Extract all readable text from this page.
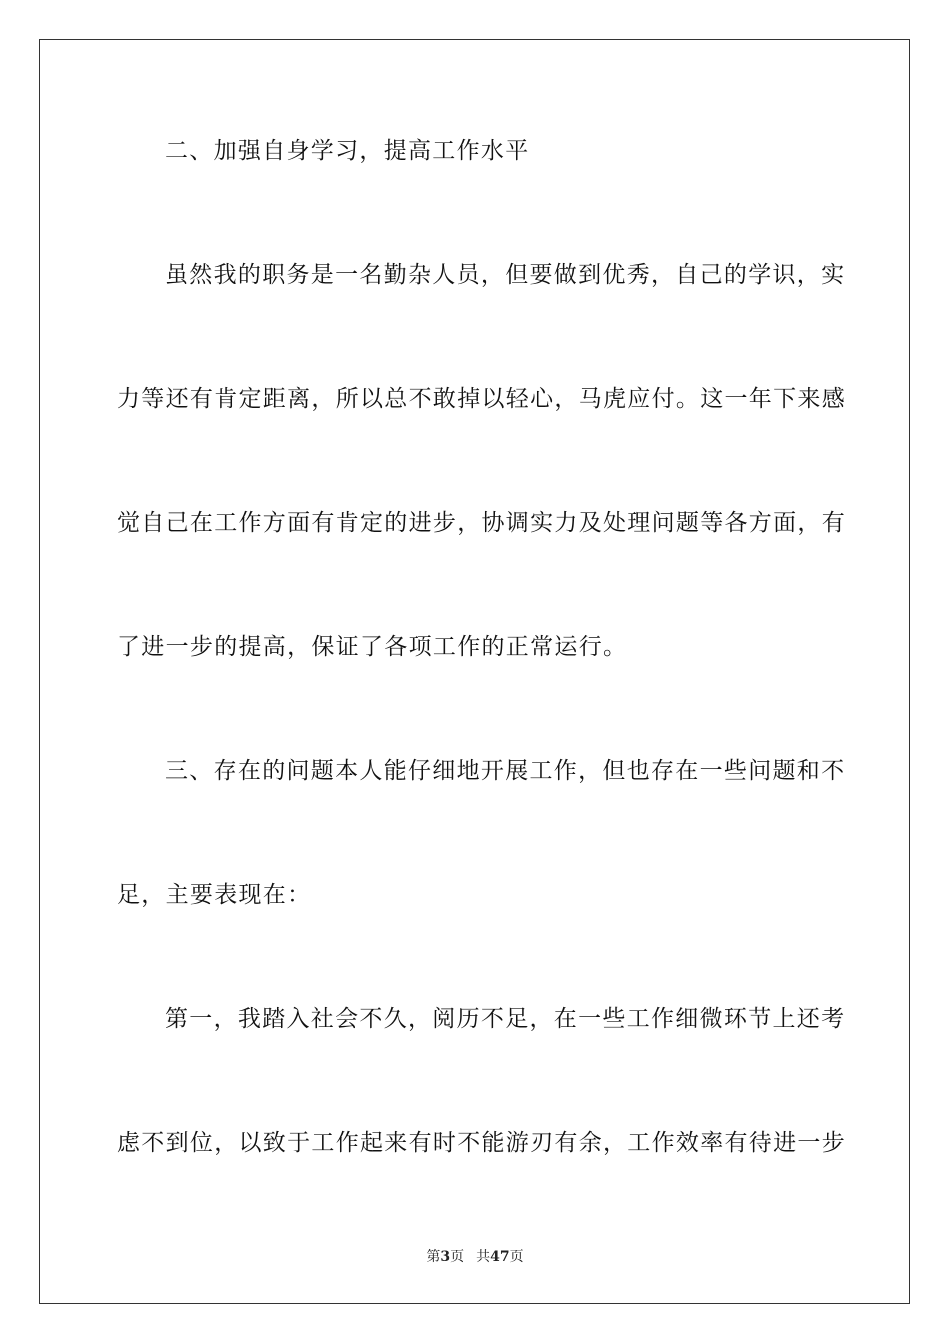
二、加强自身学习，提高工作水平
虽然我的职务是一名勤杂人员，但要做到优秀，自己的学识，实
力等还有肯定距离，所以总不敢掉以轻心，马虎应付。这一年下来感
觉自己在工作方面有肯定的进步，协调实力及处理问题等各方面，有
了进一步的提高，保证了各项工作的正常运行。
三、存在的问题本人能仔细地开展工作，但也存在一些问题和不
足，主要表现在：
第一，我踏入社会不久，阅历不足，在一些工作细微环节上还考
虑不到位，以致于工作起来有时不能游刃有余，工作效率有待进一步
第3页 共47页
